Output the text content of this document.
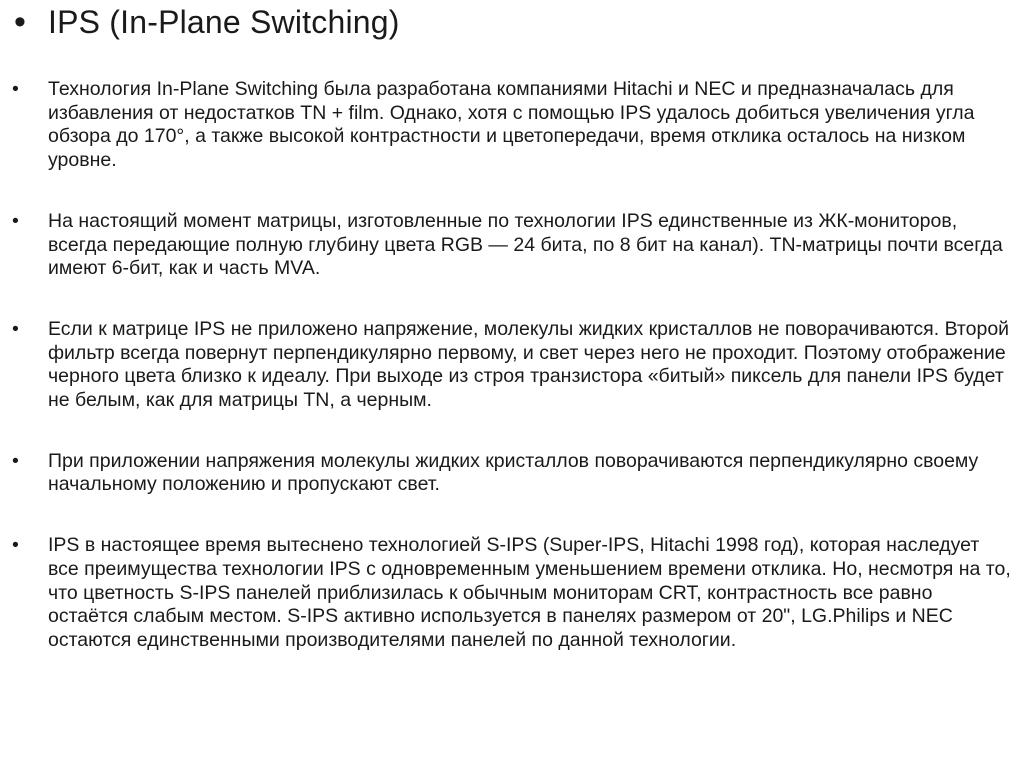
• IPS (In-Plane Switching)
•	Технология In-Plane Switching была разработана компаниями Hitachi и NEC и предназначалась для избавления от недостатков TN + film. Однако, хотя с помощью IPS удалось добиться увеличения угла обзора до 170°, а также высокой контрастности и цветопередачи, время отклика осталось на низком уровне.
•	На настоящий момент матрицы, изготовленные по технологии IPS единственные из ЖК-мониторов, всегда передающие полную глубину цвета RGB — 24 бита, по 8 бит на канал). TN-матрицы почти всегда имеют 6-бит, как и часть MVA.
•	Если к матрице IPS не приложено напряжение, молекулы жидких кристаллов не поворачиваются. Второй фильтр всегда повернут перпендикулярно первому, и свет через него не проходит. Поэтому отображение черного цвета близко к идеалу. При выходе из строя транзистора «битый» пиксель для панели IPS будет не белым, как для матрицы TN, а черным.
•	При приложении напряжения молекулы жидких кристаллов поворачиваются перпендикулярно своему начальному положению и пропускают свет.
•	IPS в настоящее время вытеснено технологией S-IPS (Super-IPS, Hitachi 1998 год), которая наследует все преимущества технологии IPS с одновременным уменьшением времени отклика. Но, несмотря на то, что цветность S-IPS панелей приблизилась к обычным мониторам CRT, контрастность все равно остаётся слабым местом. S-IPS активно используется в панелях размером от 20", LG.Philips и NEC остаются единственными производителями панелей по данной технологии.
